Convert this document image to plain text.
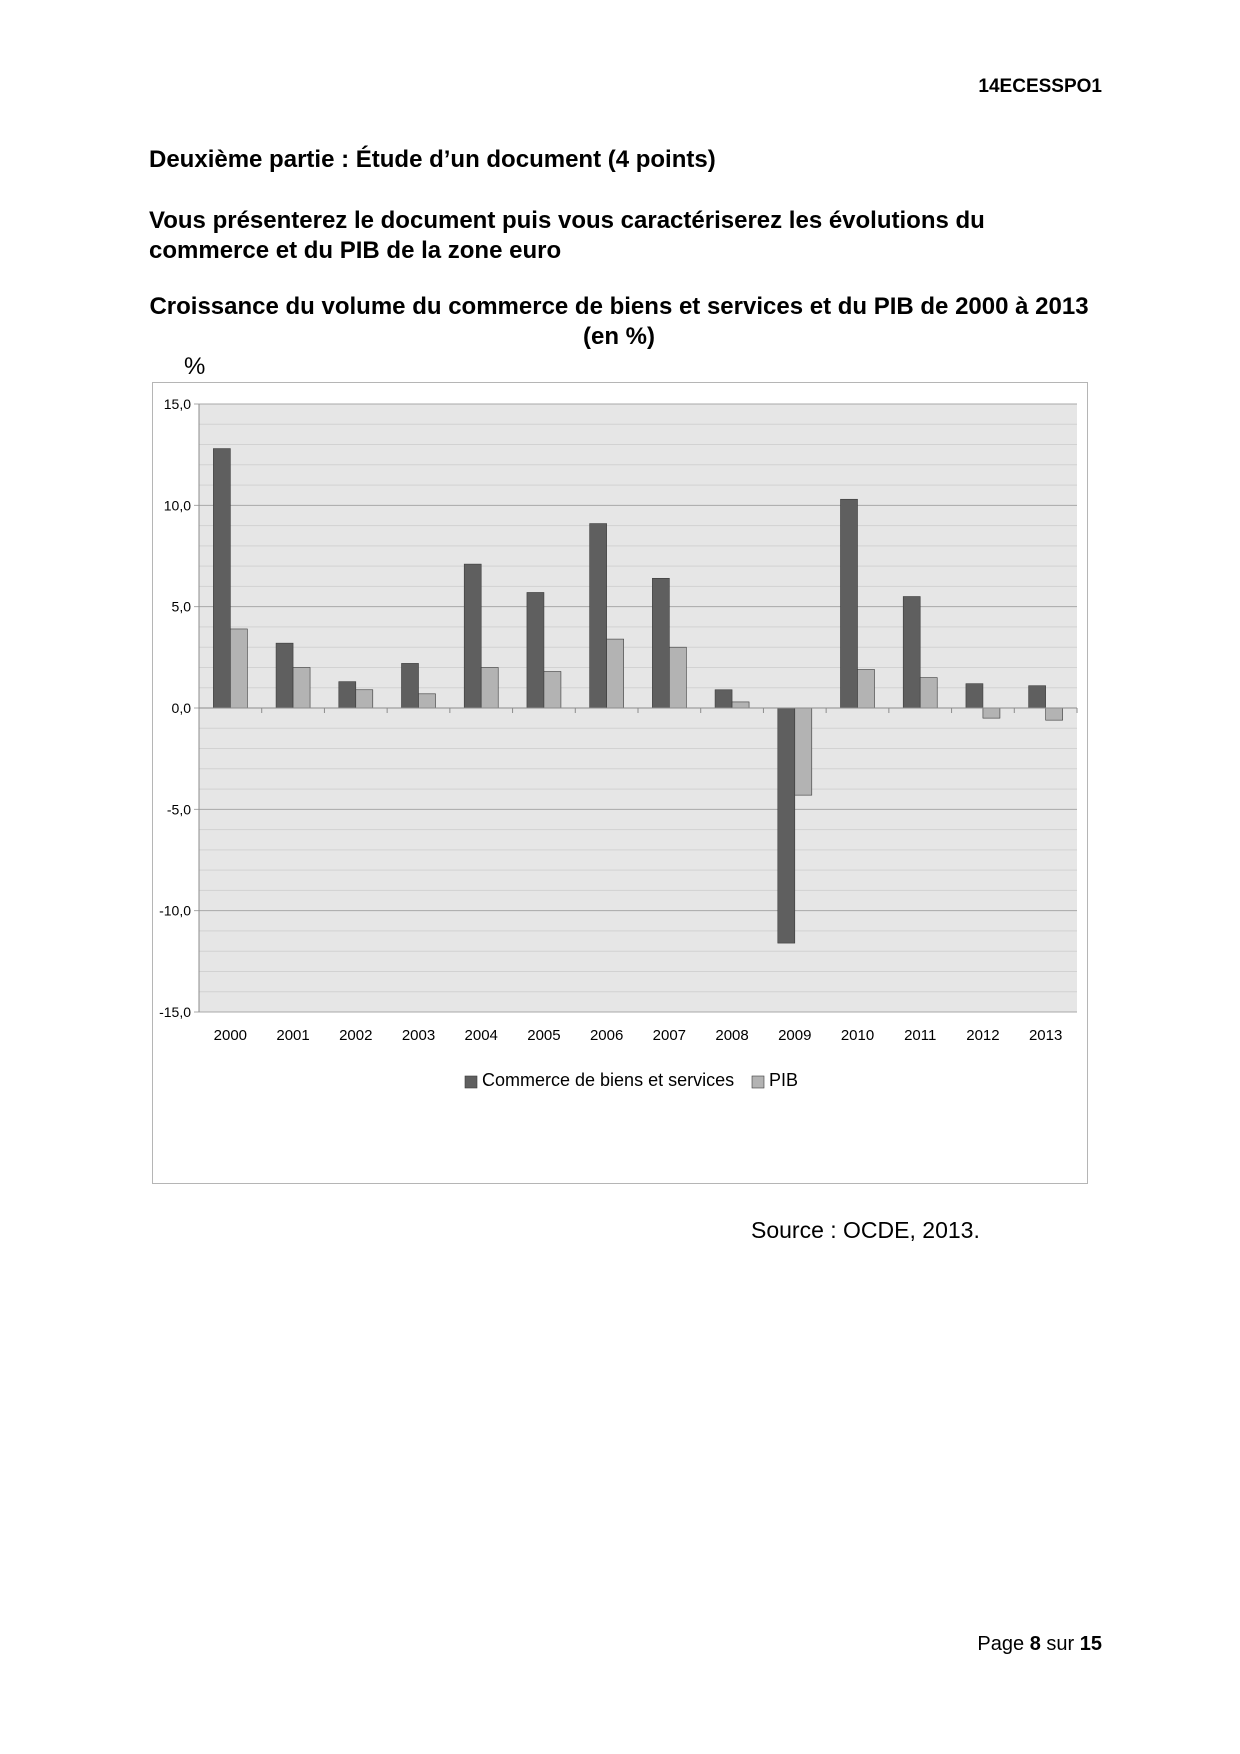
14ECESSPO1
Deuxième partie : Étude d’un document (4 points)

Vous présenterez le document puis vous caractériserez les évolutions du commerce et du PIB de la zone euro

Croissance du volume du commerce de biens et services et du PIB de 2000 à 2013 (en %)
%
15,0
10,0
5,0
0,0
-5,0
-10,0
-15,0
2000 2001 2002 2003 2004 2005 2006 2007 2008 2009 2010 2011 2012 2013
Commerce de biens et services PIB
Source : OCDE, 2013.
Page 8 sur 15
